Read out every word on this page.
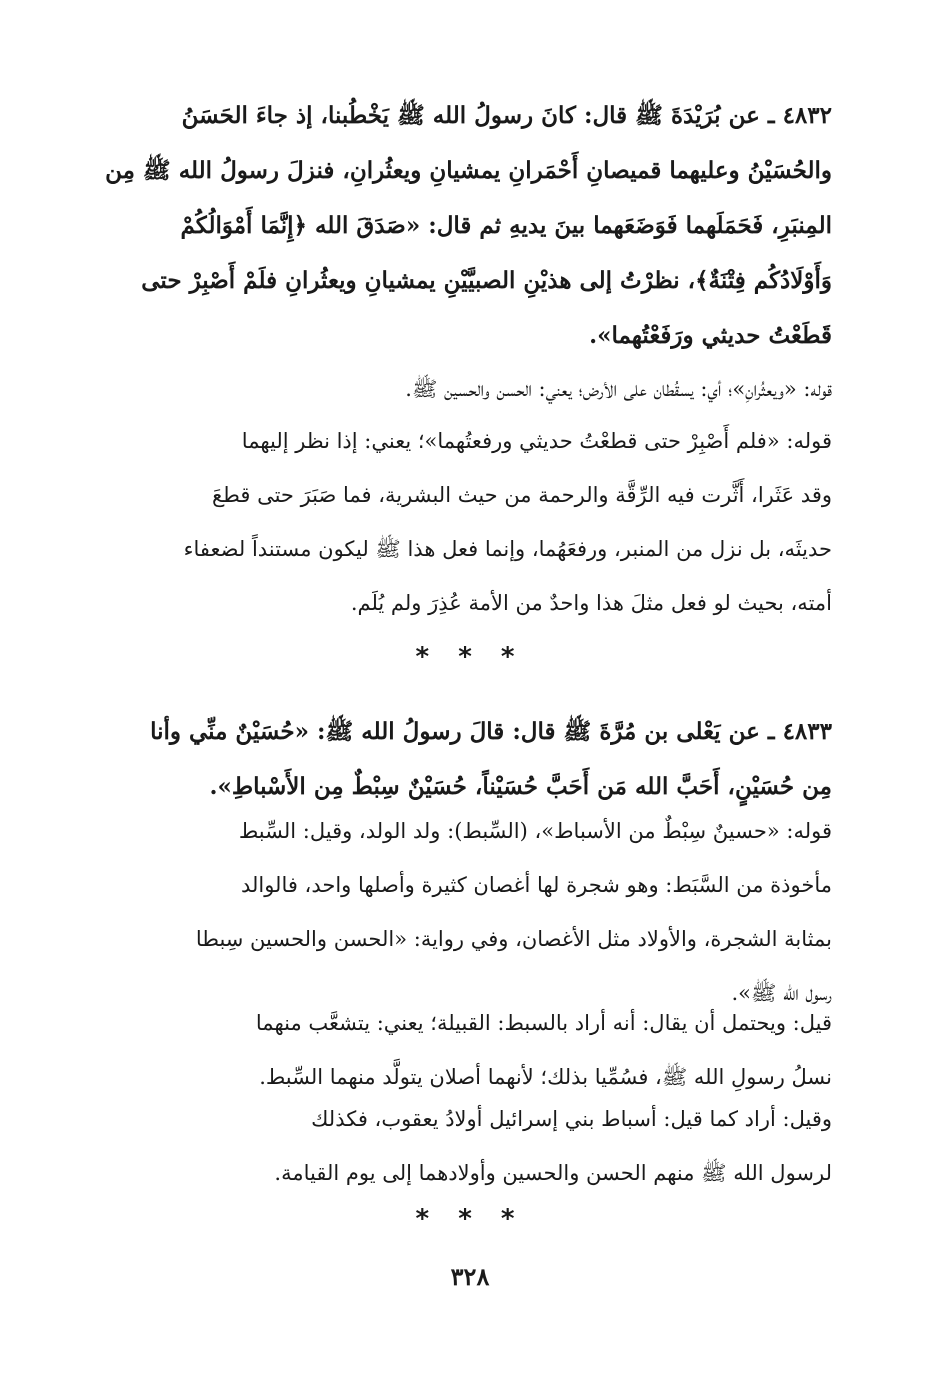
٤٨٣٢ ـ عن بُرَيْدَةَ ﷺ قال: كانَ رسولُ الله ﷺ يَخْطُبنا، إذ جاءَ الحَسَنُ
والحُسَيْنُ وعليهما قميصانِ أَحْمَرانِ يمشيانِ ويعثُرانِ، فنزلَ رسولُ الله ﷺ مِن
المِنبَرِ، فَحَمَلَهما فَوَضَعَهما بينَ يديهِ ثم قال: «صَدَقَ الله ﴿إِنَّمَا أَمْوَالُكُمْ
وَأَوْلَادُكُم فِتْنَةٌ﴾، نظرْتُ إلى هذيْنِ الصبيَّيْنِ يمشيانِ ويعثُرانِ فلَمْ أَصْبِرْ حتى
قَطَعْتُ حديثي ورَفَعْتُهما».
قوله: «ويعثُرانِ»؛ أي: يسقُطان على الأرض؛ يعني: الحسن والحسين ﷺ.
قوله: «فلم أَصْبِرْ حتى قطعْتُ حديثي ورفعتُهما»؛ يعني: إذا نظر إليهما
وقد عَثَرا، أَثَّرت فيه الرِّقَّة والرحمة من حيث البشرية، فما صَبَرَ حتى قطعَ
حديثَه، بل نزل من المنبر، ورفعَهُما، وإنما فعل هذا ﷺ ليكون مستنداً لضعفاء
أمته، بحيث لو فعل مثلَ هذا واحدٌ من الأمة عُذِرَ ولم يُلَم.
* * *
٤٨٣٣ ـ عن يَعْلى بن مُرَّةَ ﷺ قال: قالَ رسولُ الله ﷺ: «حُسَيْنٌ منِّي وأنا
مِن حُسَيْنٍ، أَحَبَّ الله مَن أَحَبَّ حُسَيْناً، حُسَيْنٌ سِبْطٌ مِن الأَسْباطِ».
قوله: «حسينٌ سِبْطٌ من الأسباط»، (السِّبط): ولد الولد، وقيل: السِّبط
مأخوذة من السَّبَط: وهو شجرة لها أغصان كثيرة وأصلها واحد، فالوالد
بمثابة الشجرة، والأولاد مثل الأغصان، وفي رواية: «الحسن والحسين سِبطا
رسول الله ﷺ».
قيل: ويحتمل أن يقال: أنه أراد بالسبط: القبيلة؛ يعني: يتشعَّب منهما
نسلُ رسولِ الله ﷺ، فسُمِّيا بذلك؛ لأنهما أصلان يتولَّد منهما السِّبط.
وقيل: أراد كما قيل: أسباط بني إسرائيل أولادُ يعقوب، فكذلك
لرسول الله ﷺ منهم الحسن والحسين وأولادهما إلى يوم القيامة.
* * *
٣٢٨
